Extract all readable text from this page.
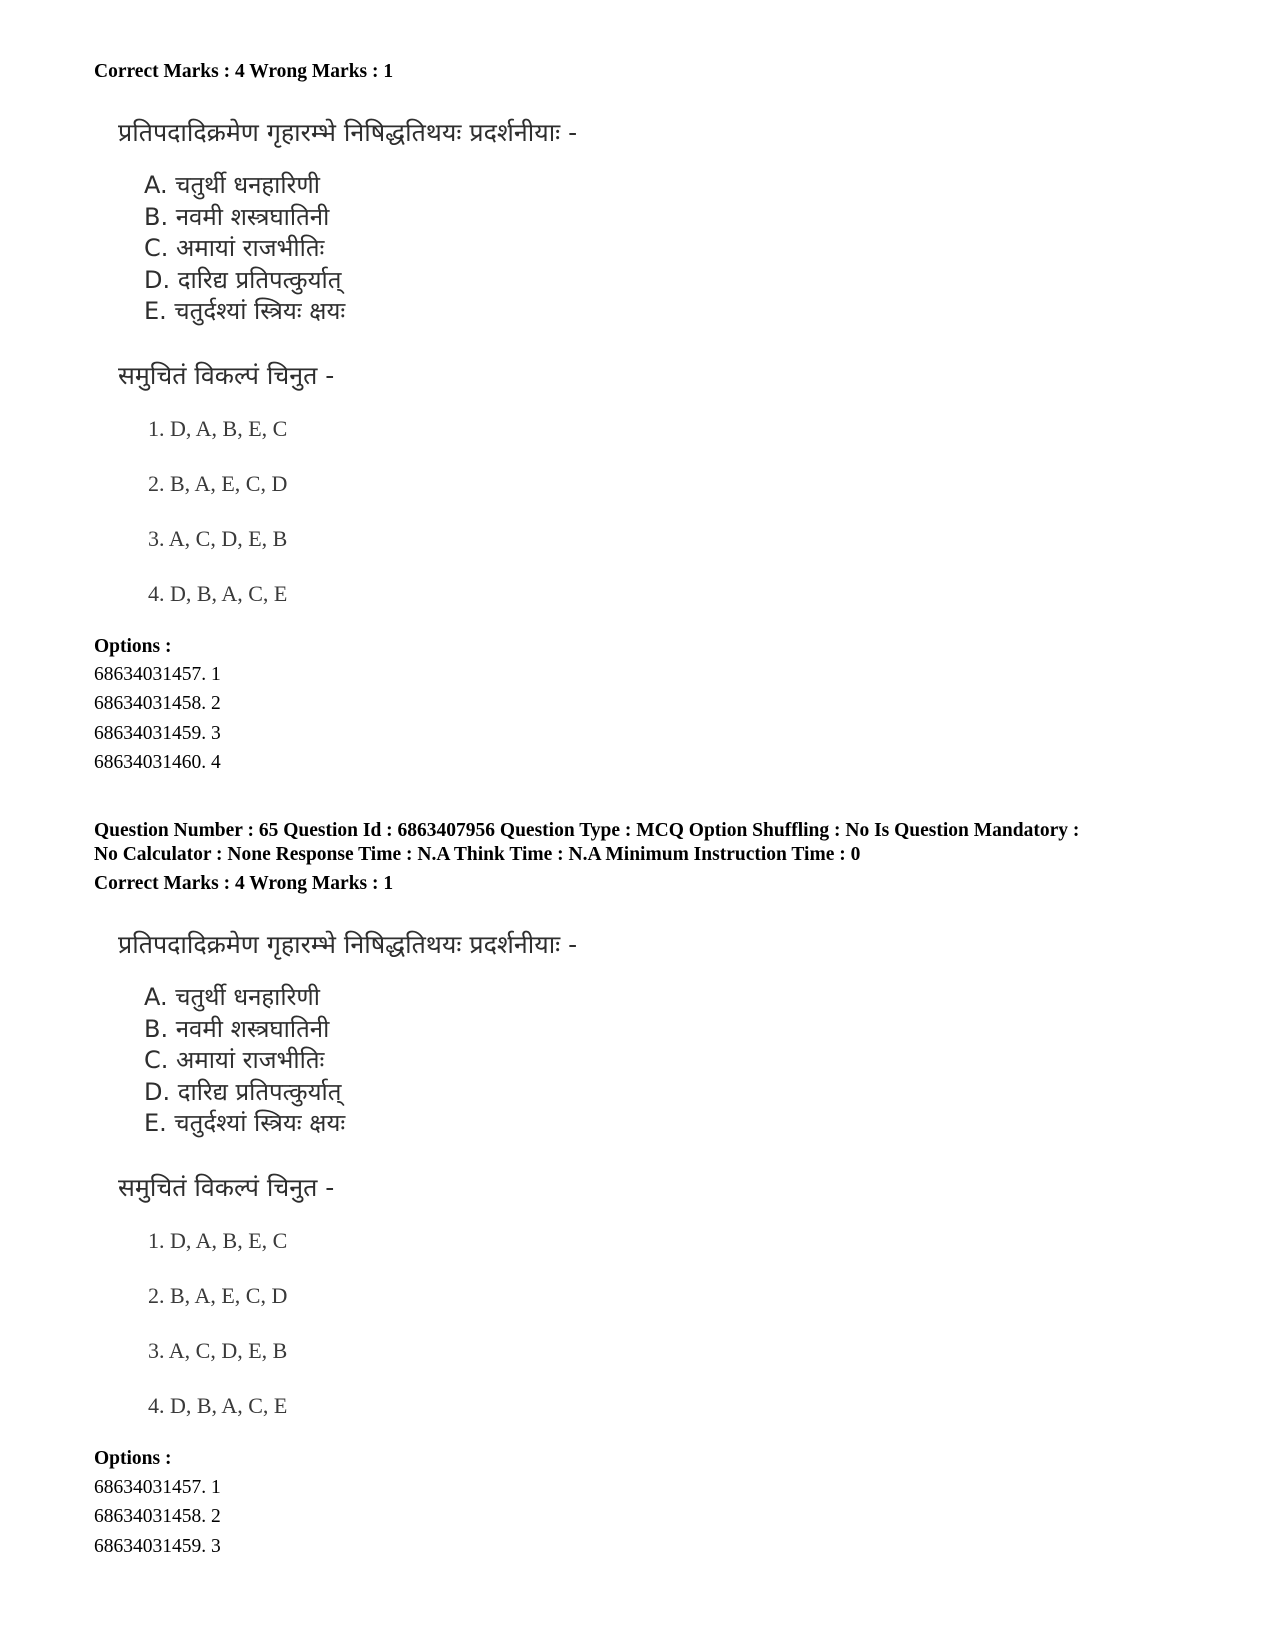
Correct Marks : 4 Wrong Marks : 1
प्रतिपदादिक्रमेण गृहारम्भे निषिद्धतिथयः प्रदर्शनीयाः -
A. चतुर्थी धनहारिणी
B. नवमी शस्त्रघातिनी
C. अमायां राजभीतिः
D. दारिद्य प्रतिपत्कुर्यात्
E. चतुर्दश्यां स्त्रियः क्षयः
समुचितं विकल्पं चिनुत -
1. D, A, B, E, C
2. B, A, E, C, D
3. A, C, D, E, B
4. D, B, A, C, E
Options :
68634031457. 1
68634031458. 2
68634031459. 3
68634031460. 4
Question Number : 65 Question Id : 6863407956 Question Type : MCQ Option Shuffling : No Is Question Mandatory :
No Calculator : None Response Time : N.A Think Time : N.A Minimum Instruction Time : 0
Correct Marks : 4 Wrong Marks : 1
प्रतिपदादिक्रमेण गृहारम्भे निषिद्धतिथयः प्रदर्शनीयाः -
A. चतुर्थी धनहारिणी
B. नवमी शस्त्रघातिनी
C. अमायां राजभीतिः
D. दारिद्य प्रतिपत्कुर्यात्
E. चतुर्दश्यां स्त्रियः क्षयः
समुचितं विकल्पं चिनुत -
1. D, A, B, E, C
2. B, A, E, C, D
3. A, C, D, E, B
4. D, B, A, C, E
Options :
68634031457. 1
68634031458. 2
68634031459. 3
